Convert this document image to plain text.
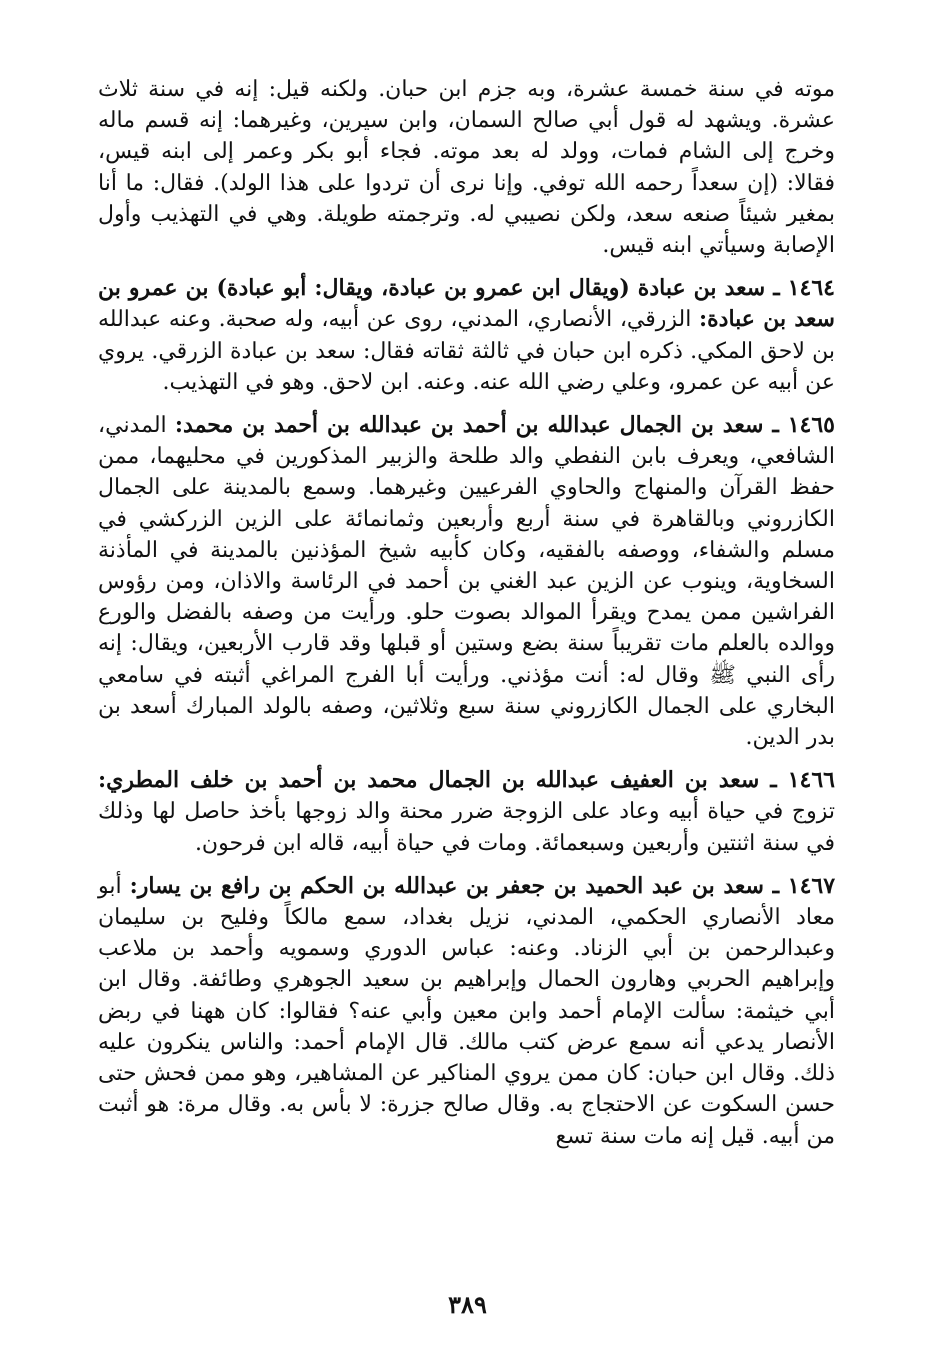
موته في سنة خمسة عشرة، وبه جزم ابن حبان. ولكنه قيل: إنه في سنة ثلاث عشرة. ويشهد له قول أبي صالح السمان، وابن سيرين، وغيرهما: إنه قسم ماله وخرج إلى الشام فمات، وولد له بعد موته. فجاء أبو بكر وعمر إلى ابنه قيس، فقالا: (إن سعداً رحمه الله توفي. وإنا نرى أن تردوا على هذا الولد). فقال: ما أنا بمغير شيئاً صنعه سعد، ولكن نصيبي له. وترجمته طويلة. وهي في التهذيب وأول الإصابة وسيأتي ابنه قيس.

١٤٦٤ ـ سعد بن عبادة (ويقال ابن عمرو بن عبادة، ويقال: أبو عبادة) بن عمرو بن سعد بن عبادة: الزرقي، الأنصاري، المدني، روى عن أبيه، وله صحبة. وعنه عبدالله بن لاحق المكي. ذكره ابن حبان في ثالثة ثقاته فقال: سعد بن عبادة الزرقي. يروي عن أبيه عن عمرو، وعلي رضي الله عنه. وعنه. ابن لاحق. وهو في التهذيب.

١٤٦٥ ـ سعد بن الجمال عبدالله بن أحمد بن عبدالله بن أحمد بن محمد: المدني، الشافعي، ويعرف بابن النفطي والد طلحة والزبير المذكورين في محليهما، ممن حفظ القرآن والمنهاج والحاوي الفرعيين وغيرهما. وسمع بالمدينة على الجمال الكازروني وبالقاهرة في سنة أربع وأربعين وثمانمائة على الزين الزركشي في مسلم والشفاء، ووصفه بالفقيه، وكان كأبيه شيخ المؤذنين بالمدينة في المأذنة السخاوية، وينوب عن الزين عبد الغني بن أحمد في الرئاسة والاذان، ومن رؤوس الفراشين ممن يمدح ويقرأ الموالد بصوت حلو. ورأيت من وصفه بالفضل والورع ووالده بالعلم مات تقريباً سنة بضع وستين أو قبلها وقد قارب الأربعين، ويقال: إنه رأى النبي ﷺ وقال له: أنت مؤذني. ورأيت أبا الفرج المراغي أثبته في سامعي البخاري على الجمال الكازروني سنة سبع وثلاثين، وصفه بالولد المبارك أسعد بن بدر الدين.

١٤٦٦ ـ سعد بن العفيف عبدالله بن الجمال محمد بن أحمد بن خلف المطري: تزوج في حياة أبيه وعاد على الزوجة ضرر محنة والد زوجها بأخذ حاصل لها وذلك في سنة اثنتين وأربعين وسبعمائة. ومات في حياة أبيه، قاله ابن فرحون.

١٤٦٧ ـ سعد بن عبد الحميد بن جعفر بن عبدالله بن الحكم بن رافع بن يسار: أبو معاد الأنصاري الحكمي، المدني، نزيل بغداد، سمع مالكاً وفليح بن سليمان وعبدالرحمن بن أبي الزناد. وعنه: عباس الدوري وسمويه وأحمد بن ملاعب وإبراهيم الحربي وهارون الحمال وإبراهيم بن سعيد الجوهري وطائفة. وقال ابن أبي خيثمة: سألت الإمام أحمد وابن معين وأبي عنه؟ فقالوا: كان ههنا في ربض الأنصار يدعي أنه سمع عرض كتب مالك. قال الإمام أحمد: والناس ينكرون عليه ذلك. وقال ابن حبان: كان ممن يروي المناكير عن المشاهير، وهو ممن فحش حتى حسن السكوت عن الاحتجاج به. وقال صالح جزرة: لا بأس به. وقال مرة: هو أثبت من أبيه. قيل إنه مات سنة تسع

٣٨٩
